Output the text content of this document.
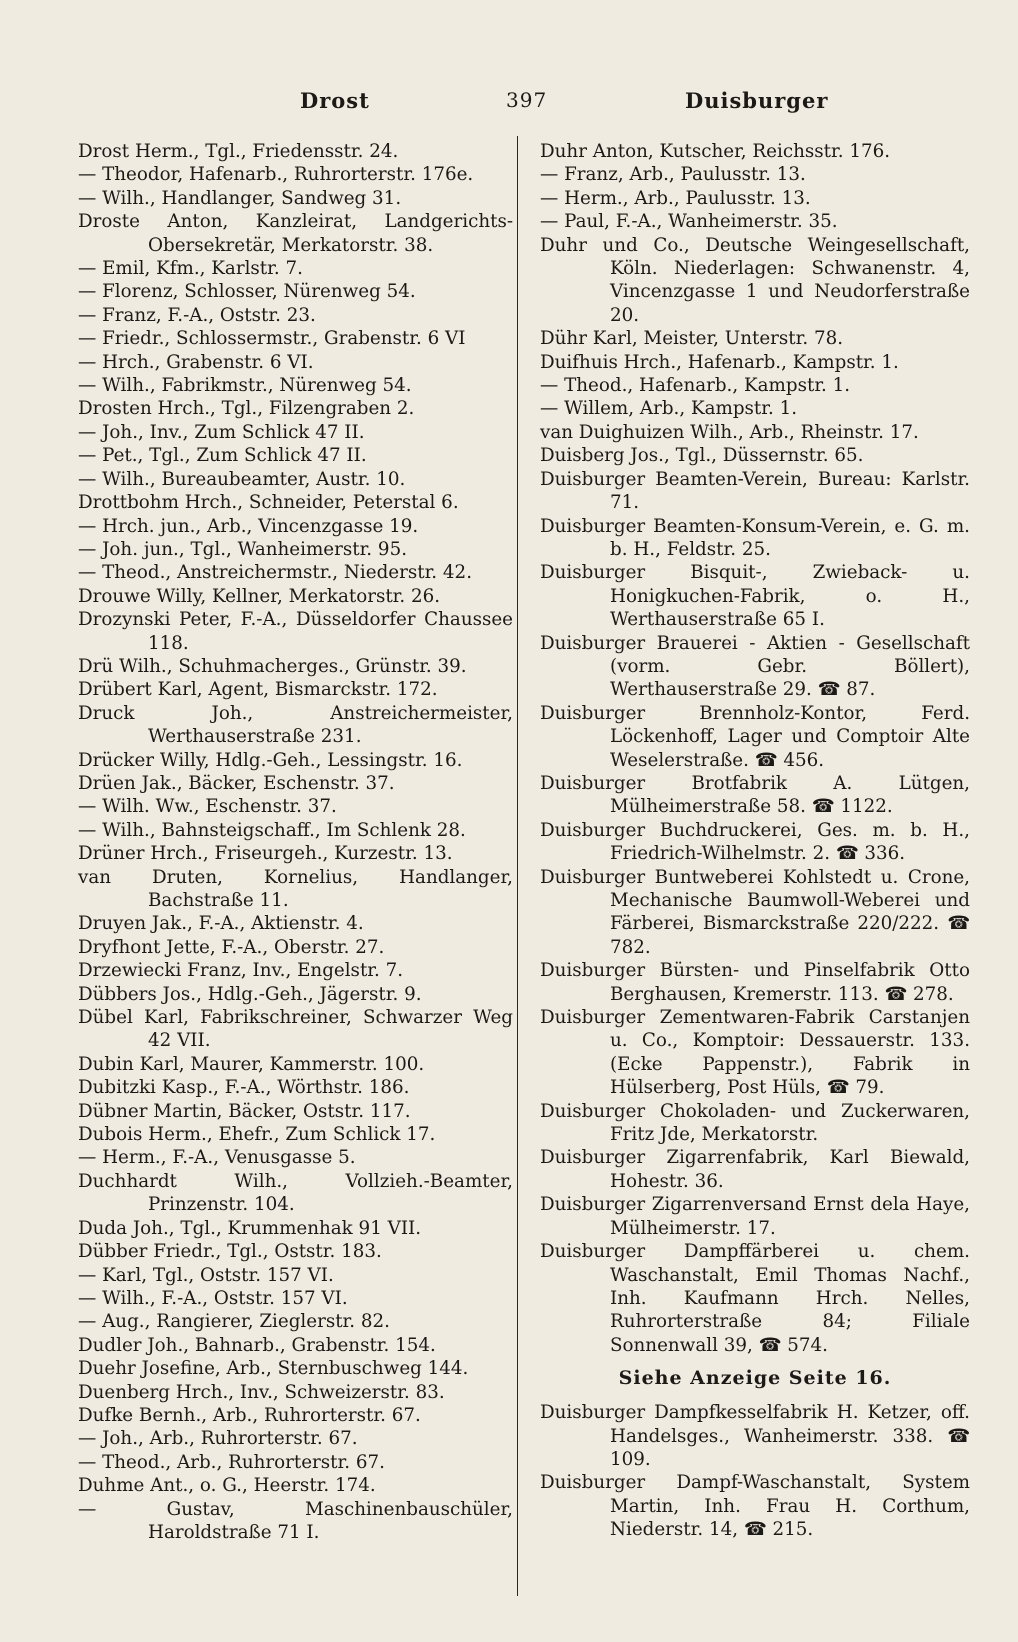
Drost	397	Duisburger
Drost Herm., Tgl., Friedensstr. 24.
— Theodor, Hafenarb., Ruhrorterstr. 176e.
— Wilh., Handlanger, Sandweg 31.
Droste Anton, Kanzleirat, Landgerichts-Obersekretär, Merkatorstr. 38.
— Emil, Kfm., Karlstr. 7.
— Florenz, Schlosser, Nürenweg 54.
— Franz, F.-A., Oststr. 23.
— Friedr., Schlossermstr., Grabenstr. 6 VI
— Hrch., Grabenstr. 6 VI.
— Wilh., Fabrikmstr., Nürenweg 54.
Drosten Hrch., Tgl., Filzengraben 2.
— Joh., Inv., Zum Schlick 47 II.
— Pet., Tgl., Zum Schlick 47 II.
— Wilh., Bureaubeamter, Austr. 10.
Drottbohm Hrch., Schneider, Peterstal 6.
— Hrch. jun., Arb., Vincenzgasse 19.
— Joh. jun., Tgl., Wanheimerstr. 95.
— Theod., Anstreichermstr., Niederstr. 42.
Drouwe Willy, Kellner, Merkatorstr. 26.
Drozynski Peter, F.-A., Düsseldorfer Chaussee 118.
Drü Wilh., Schuhmacherges., Grünstr. 39.
Drübert Karl, Agent, Bismarckstr. 172.
Druck Joh., Anstreichermeister, Werthauserstraße 231.
Drücker Willy, Hdlg.-Geh., Lessingstr. 16.
Drüen Jak., Bäcker, Eschenstr. 37.
— Wilh. Ww., Eschenstr. 37.
— Wilh., Bahnsteigschaff., Im Schlenk 28.
Drüner Hrch., Friseurgeh., Kurzestr. 13.
van Druten, Kornelius, Handlanger, Bachstraße 11.
Druyen Jak., F.-A., Aktienstr. 4.
Dryfhont Jette, F.-A., Oberstr. 27.
Drzewiecki Franz, Inv., Engelstr. 7.
Dübbers Jos., Hdlg.-Geh., Jägerstr. 9.
Dübel Karl, Fabrikschreiner, Schwarzer Weg 42 VII.
Dubin Karl, Maurer, Kammerstr. 100.
Dubitzki Kasp., F.-A., Wörthstr. 186.
Dübner Martin, Bäcker, Oststr. 117.
Dubois Herm., Ehefr., Zum Schlick 17.
— Herm., F.-A., Venusgasse 5.
Duchhardt Wilh., Vollzieh.-Beamter, Prinzenstr. 104.
Duda Joh., Tgl., Krummenhak 91 VII.
Dübber Friedr., Tgl., Oststr. 183.
— Karl, Tgl., Oststr. 157 VI.
— Wilh., F.-A., Oststr. 157 VI.
— Aug., Rangierer, Zieglerstr. 82.
Dudler Joh., Bahnarb., Grabenstr. 154.
Duehr Josefine, Arb., Sternbuschweg 144.
Duenberg Hrch., Inv., Schweizerstr. 83.
Dufke Bernh., Arb., Ruhrorterstr. 67.
— Joh., Arb., Ruhrorterstr. 67.
— Theod., Arb., Ruhrorterstr. 67.
Duhme Ant., o. G., Heerstr. 174.
— Gustav, Maschinenbauschüler, Haroldstraße 71 I.
Duhr Anton, Kutscher, Reichsstr. 176.
— Franz, Arb., Paulusstr. 13.
— Herm., Arb., Paulusstr. 13.
— Paul, F.-A., Wanheimerstr. 35.
Duhr und Co., Deutsche Weingesellschaft, Köln. Niederlagen: Schwanenstr. 4, Vincenzgasse 1 und Neudorferstraße 20.
Dühr Karl, Meister, Unterstr. 78.
Duifhuis Hrch., Hafenarb., Kampstr. 1.
— Theod., Hafenarb., Kampstr. 1.
— Willem, Arb., Kampstr. 1.
van Duighuizen Wilh., Arb., Rheinstr. 17.
Duisberg Jos., Tgl., Düssernstr. 65.
Duisburger Beamten-Verein, Bureau: Karlstr. 71.
Duisburger Beamten-Konsum-Verein, e. G. m. b. H., Feldstr. 25.
Duisburger Bisquit-, Zwieback- u. Honigkuchen-Fabrik, o. H., Werthauserstraße 65 I.
Duisburger Brauerei - Aktien - Gesellschaft (vorm. Gebr. Böllert), Werthauserstraße 29. ☎ 87.
Duisburger Brennholz-Kontor, Ferd. Löckenhoff, Lager und Comptoir Alte Weselerstraße. ☎ 456.
Duisburger Brotfabrik A. Lütgen, Mülheimerstraße 58. ☎ 1122.
Duisburger Buchdruckerei, Ges. m. b. H., Friedrich-Wilhelmstr. 2. ☎ 336.
Duisburger Buntweberei Kohlstedt u. Crone, Mechanische Baumwoll-Weberei und Färberei, Bismarckstraße 220/222. ☎ 782.
Duisburger Bürsten- und Pinselfabrik Otto Berghausen, Kremerstr. 113. ☎ 278.
Duisburger Zementwaren-Fabrik Carstanjen u. Co., Komptoir: Dessauerstr. 133. (Ecke Pappenstr.), Fabrik in Hülserberg, Post Hüls, ☎ 79.
Duisburger Chokoladen- und Zuckerwaren, Fritz Jde, Merkatorstr.
Duisburger Zigarrenfabrik, Karl Biewald, Hohestr. 36.
Duisburger Zigarrenversand Ernst dela Haye, Mülheimerstr. 17.
Duisburger Dampffärberei u. chem. Waschanstalt, Emil Thomas Nachf., Inh. Kaufmann Hrch. Nelles, Ruhrorterstraße 84; Filiale Sonnenwall 39, ☎ 574.
Siehe Anzeige Seite 16.
Duisburger Dampfkesselfabrik H. Ketzer, off. Handelsges., Wanheimerstr. 338. ☎ 109.
Duisburger Dampf-Waschanstalt, System Martin, Inh. Frau H. Corthum, Niederstr. 14, ☎ 215.
